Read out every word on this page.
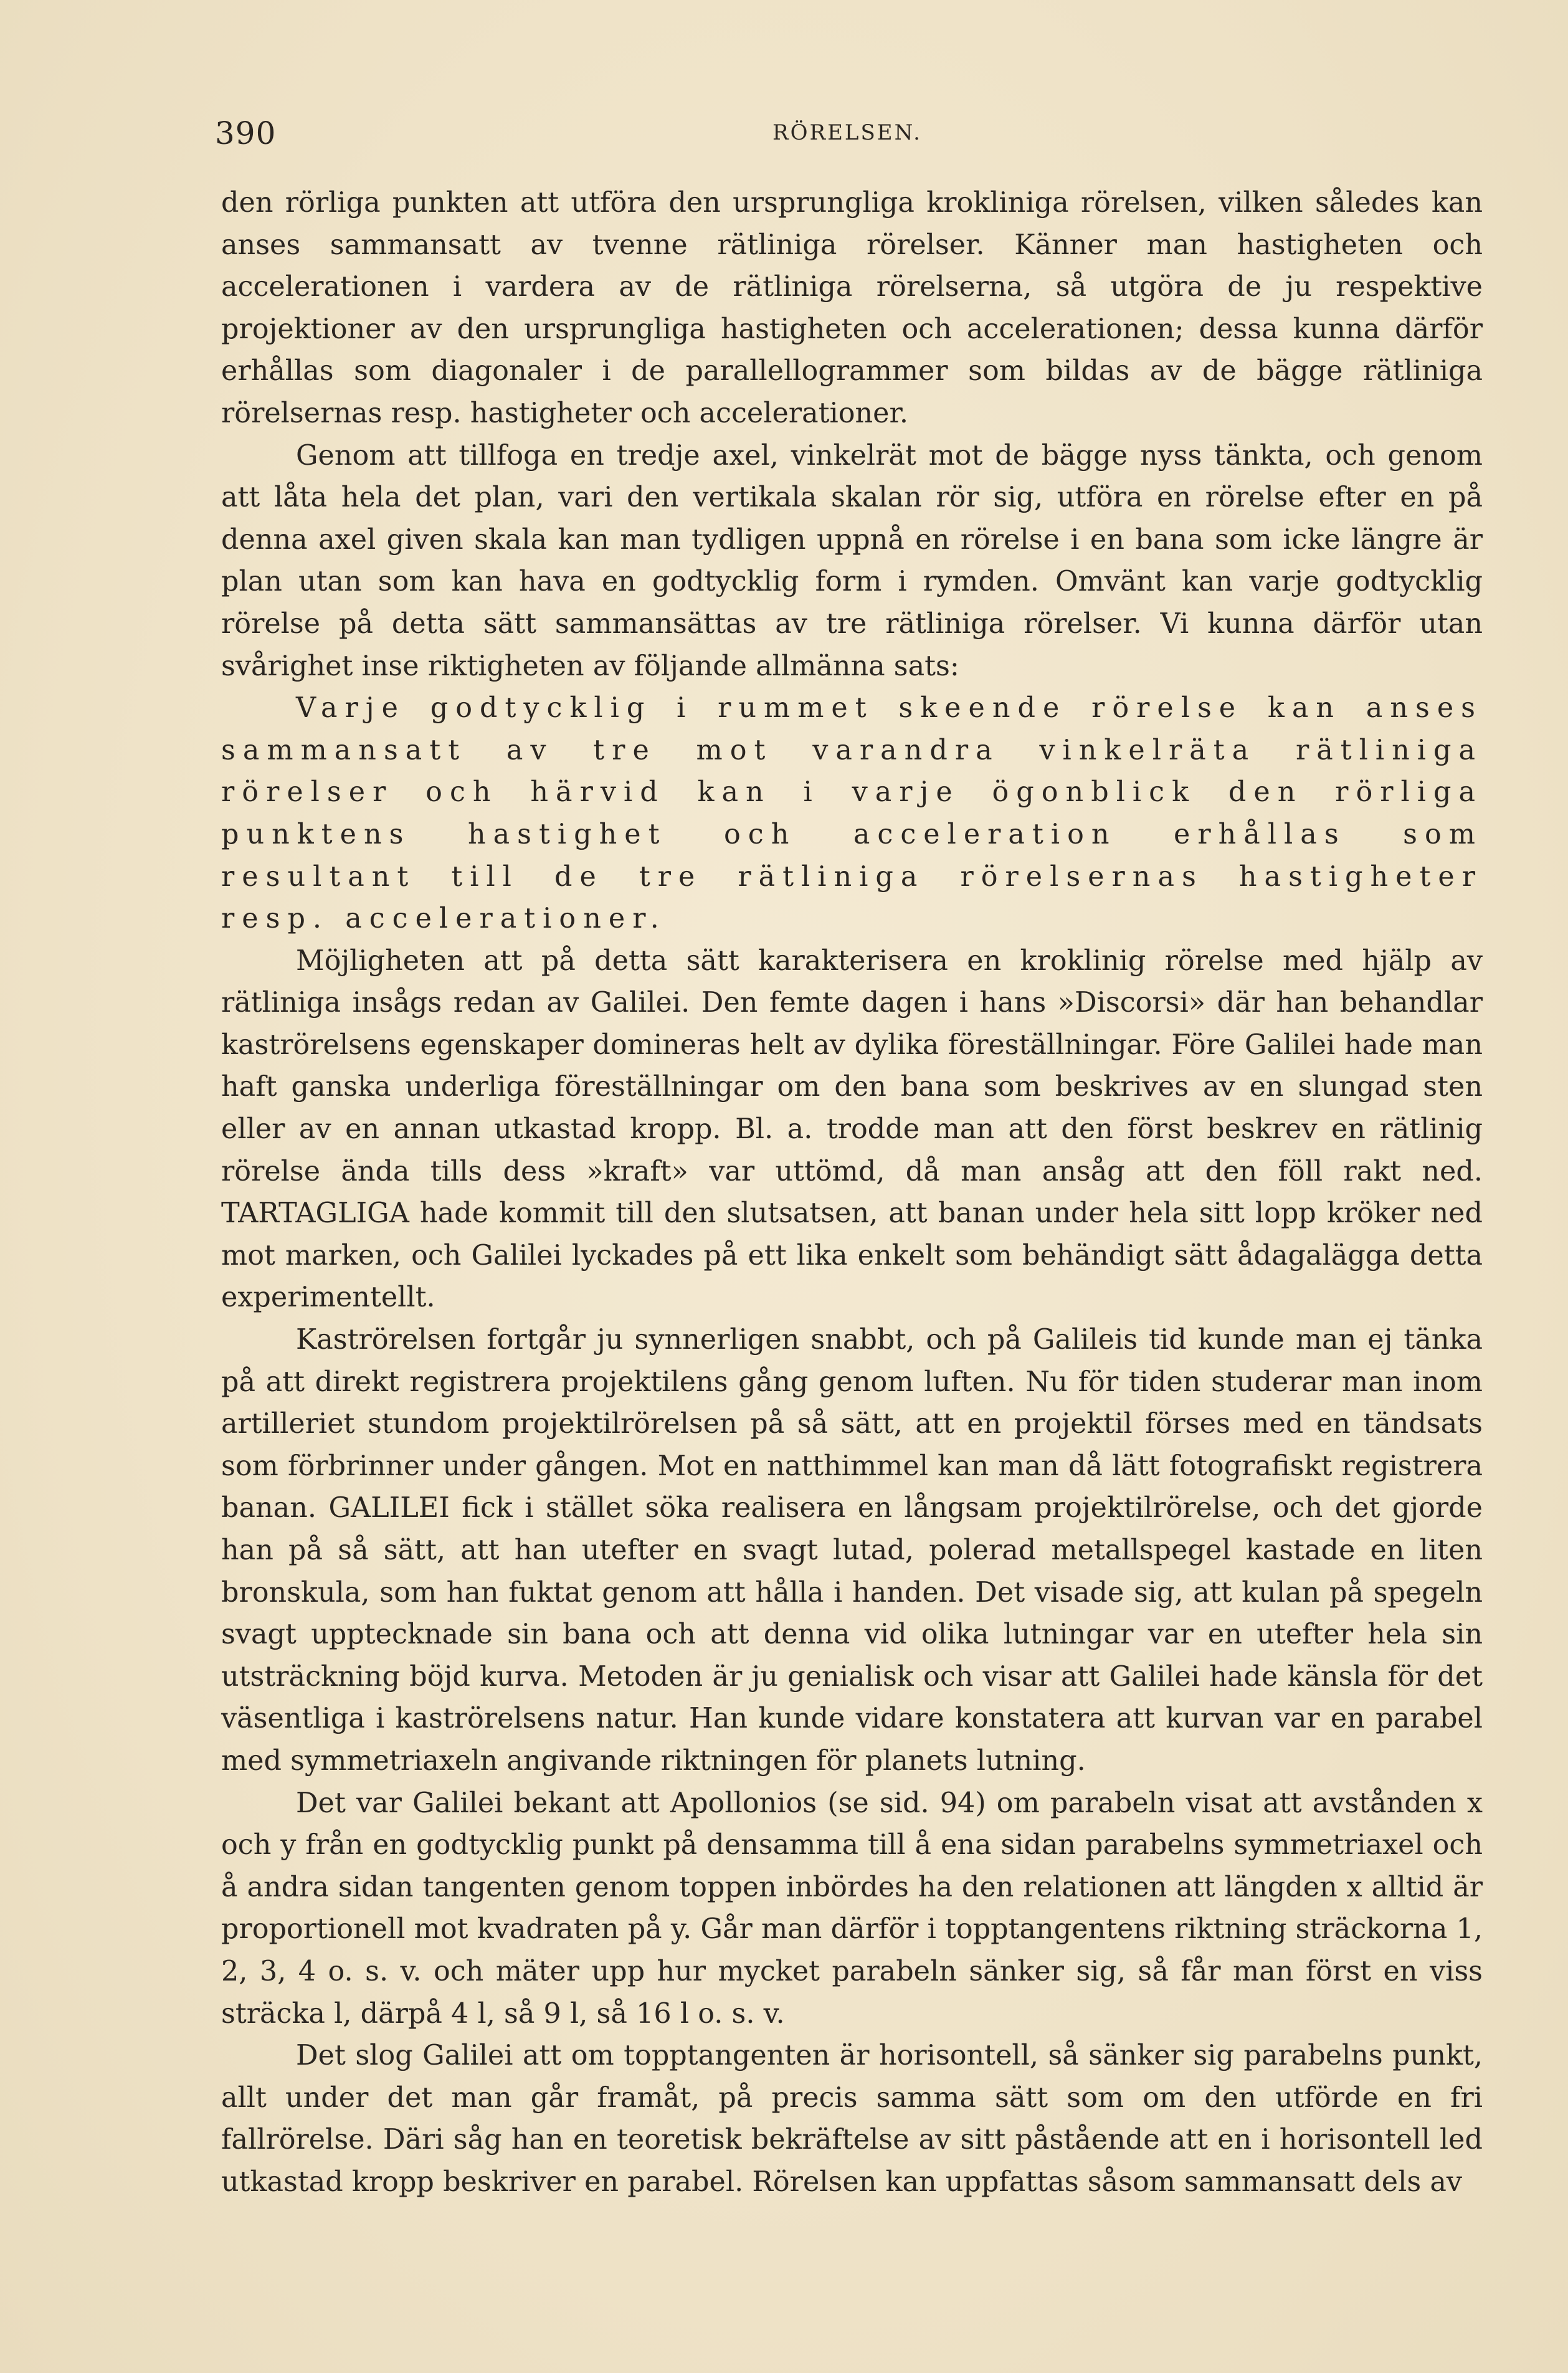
390	RÖRELSEN.

den rörliga punkten att utföra den ursprungliga krokliniga rörelsen, vilken således kan anses sammansatt av tvenne rätliniga rörelser. Känner man hastigheten och accelerationen i vardera av de rätliniga rörelserna, så utgöra de ju respektive projektioner av den ursprungliga hastigheten och accelerationen; dessa kunna därför erhållas som diagonaler i de parallellogrammer som bildas av de bägge rätliniga rörelsernas resp. hastigheter och accelerationer.

Genom att tillfoga en tredje axel, vinkelrät mot de bägge nyss tänkta, och genom att låta hela det plan, vari den vertikala skalan rör sig, utföra en rörelse efter en på denna axel given skala kan man tydligen uppnå en rörelse i en bana som icke längre är plan utan som kan hava en godtycklig form i rymden. Omvänt kan varje godtycklig rörelse på detta sätt sammansättas av tre rätliniga rörelser. Vi kunna därför utan svårighet inse riktigheten av följande allmänna sats:

Varje godtycklig i rummet skeende rörelse kan anses sammansatt av tre mot varandra vinkelräta rätliniga rörelser och härvid kan i varje ögonblick den rörliga punktens hastighet och acceleration erhållas som resultant till de tre rätliniga rörelsernas hastigheter resp. accelerationer.

Möjligheten att på detta sätt karakterisera en kroklinig rörelse med hjälp av rätliniga insågs redan av Galilei. Den femte dagen i hans »Discorsi» där han behandlar kaströrelsens egenskaper domineras helt av dylika föreställningar. Före Galilei hade man haft ganska underliga föreställningar om den bana som beskrives av en slungad sten eller av en annan utkastad kropp. Bl. a. trodde man att den först beskrev en rätlinig rörelse ända tills dess »kraft» var uttömd, då man ansåg att den föll rakt ned. TARTAGLIGA hade kommit till den slutsatsen, att banan under hela sitt lopp kröker ned mot marken, och Galilei lyckades på ett lika enkelt som behändigt sätt ådagalägga detta experimentellt.

Kaströrelsen fortgår ju synnerligen snabbt, och på Galileis tid kunde man ej tänka på att direkt registrera projektilens gång genom luften. Nu för tiden studerar man inom artilleriet stundom projektilrörelsen på så sätt, att en projektil förses med en tändsats som förbrinner under gången. Mot en natthimmel kan man då lätt fotografiskt registrera banan. GALILEI fick i stället söka realisera en långsam projektilrörelse, och det gjorde han på så sätt, att han utefter en svagt lutad, polerad metallspegel kastade en liten bronskula, som han fuktat genom att hålla i handen. Det visade sig, att kulan på spegeln svagt upptecknade sin bana och att denna vid olika lutningar var en utefter hela sin utsträckning böjd kurva. Metoden är ju genialisk och visar att Galilei hade känsla för det väsentliga i kaströrelsens natur. Han kunde vidare konstatera att kurvan var en parabel med symmetriaxeln angivande riktningen för planets lutning.

Det var Galilei bekant att Apollonios (se sid. 94) om parabeln visat att avstånden x och y från en godtycklig punkt på densamma till å ena sidan parabelns symmetriaxel och å andra sidan tangenten genom toppen inbördes ha den relationen att längden x alltid är proportionell mot kvadraten på y. Går man därför i topptangentens riktning sträckorna 1, 2, 3, 4 o. s. v. och mäter upp hur mycket parabeln sänker sig, så får man först en viss sträcka l, därpå 4 l, så 9 l, så 16 l o. s. v.

Det slog Galilei att om topptangenten är horisontell, så sänker sig parabelns punkt, allt under det man går framåt, på precis samma sätt som om den utförde en fri fallrörelse. Däri såg han en teoretisk bekräftelse av sitt påstående att en i horisontell led utkastad kropp beskriver en parabel. Rörelsen kan uppfattas såsom sammansatt dels av
